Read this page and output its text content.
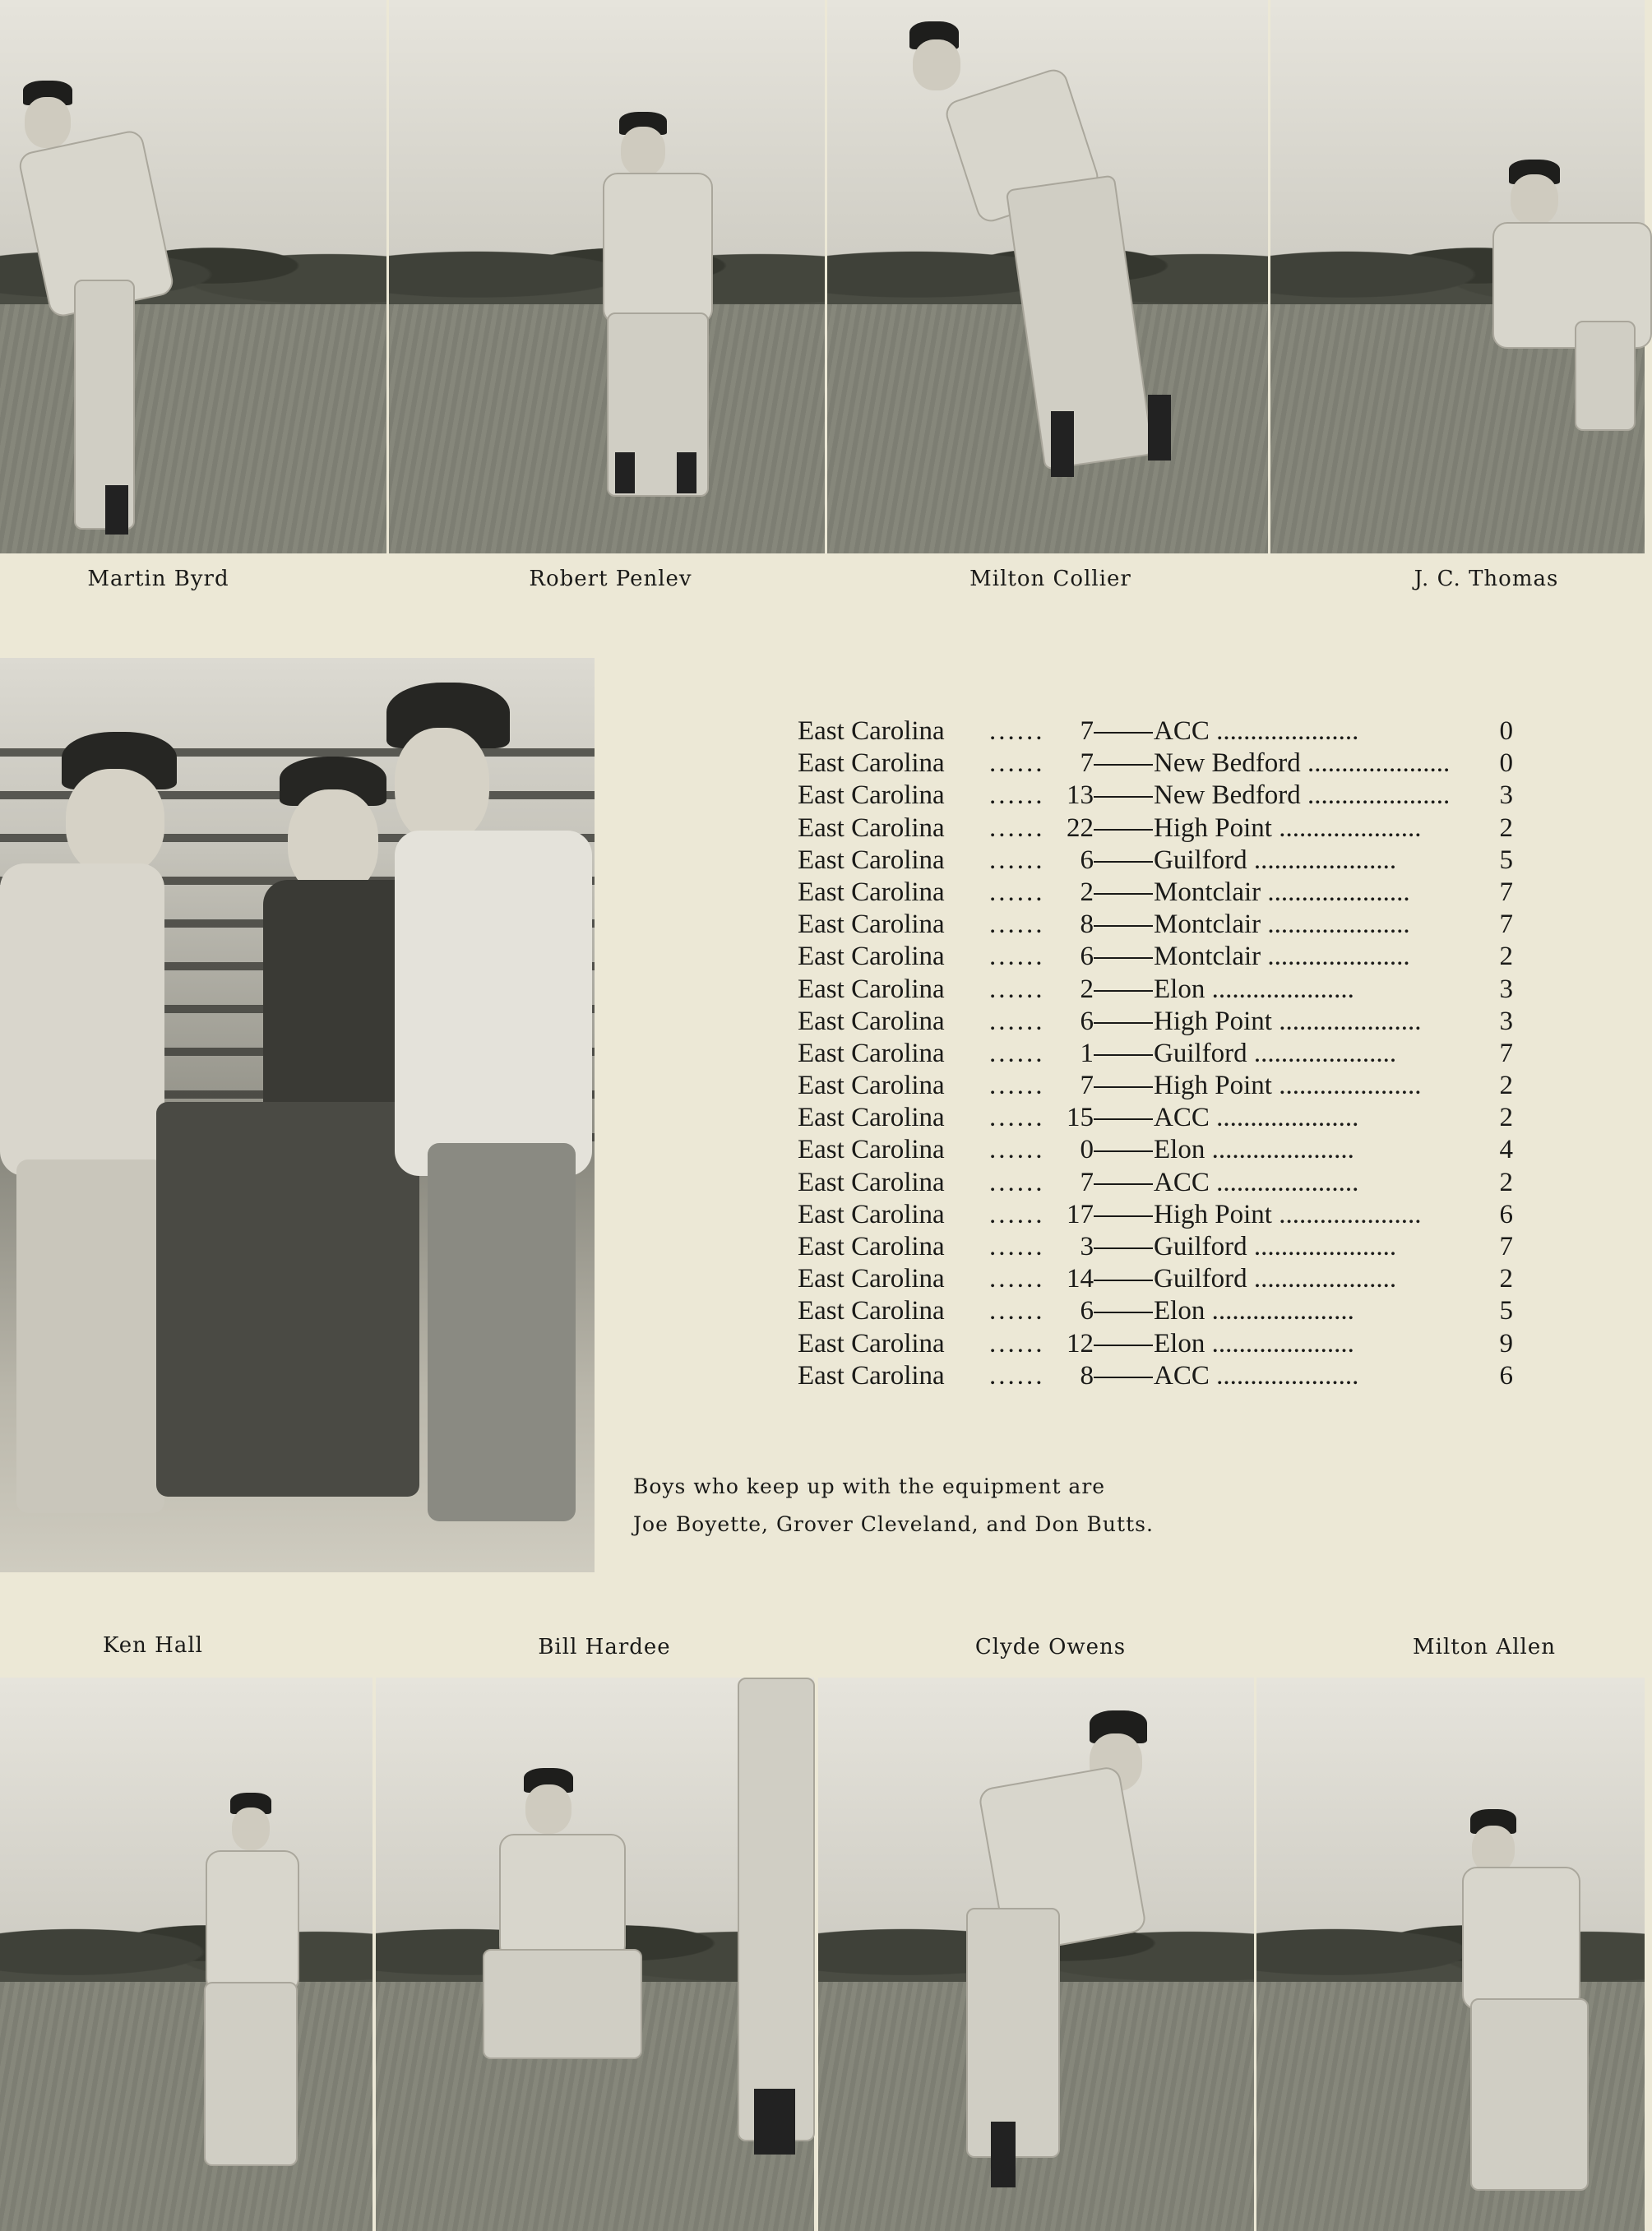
Martin Byrd	Robert Penlev	Milton Collier	J. C. Thomas
East Carolina ......	7 ACC .....................	0
East Carolina ......	7 New Bedford .....................	0
East Carolina ...... 13 New Bedford .....................	3
East Carolina ...... 22 High Point .....................	2
East Carolina ......	6 Guilford .....................	5
East Carolina ......	2 Montclair .....................	7
East Carolina ......	8 Montclair .....................	7
East Carolina ......	6 Montclair .....................	2
East Carolina ......	2 Elon .....................	3
East Carolina ......	6 High Point .....................	3
East Carolina ......	1 Guilford .....................	7
East Carolina ......	7 High Point .....................	2
East Carolina ...... 15 ACC .....................	2
East Carolina ......	0 Elon .....................	4
East Carolina ......	7 ACC .....................	2
East Carolina ...... 17 High Point .....................	6
East Carolina ......	3 Guilford .....................	7
East Carolina ...... 14 Guilford .....................	2
East Carolina ......	6 Elon .....................	5
East Carolina ...... 12 Elon .....................	9
East Carolina ......	8 ACC .....................	6
Boys who keep up with the equipment are
Joe Boyette, Grover Cleveland, and Don Butts.
Ken Hall	Bill Hardee	Clyde Owens	Milton Allen
